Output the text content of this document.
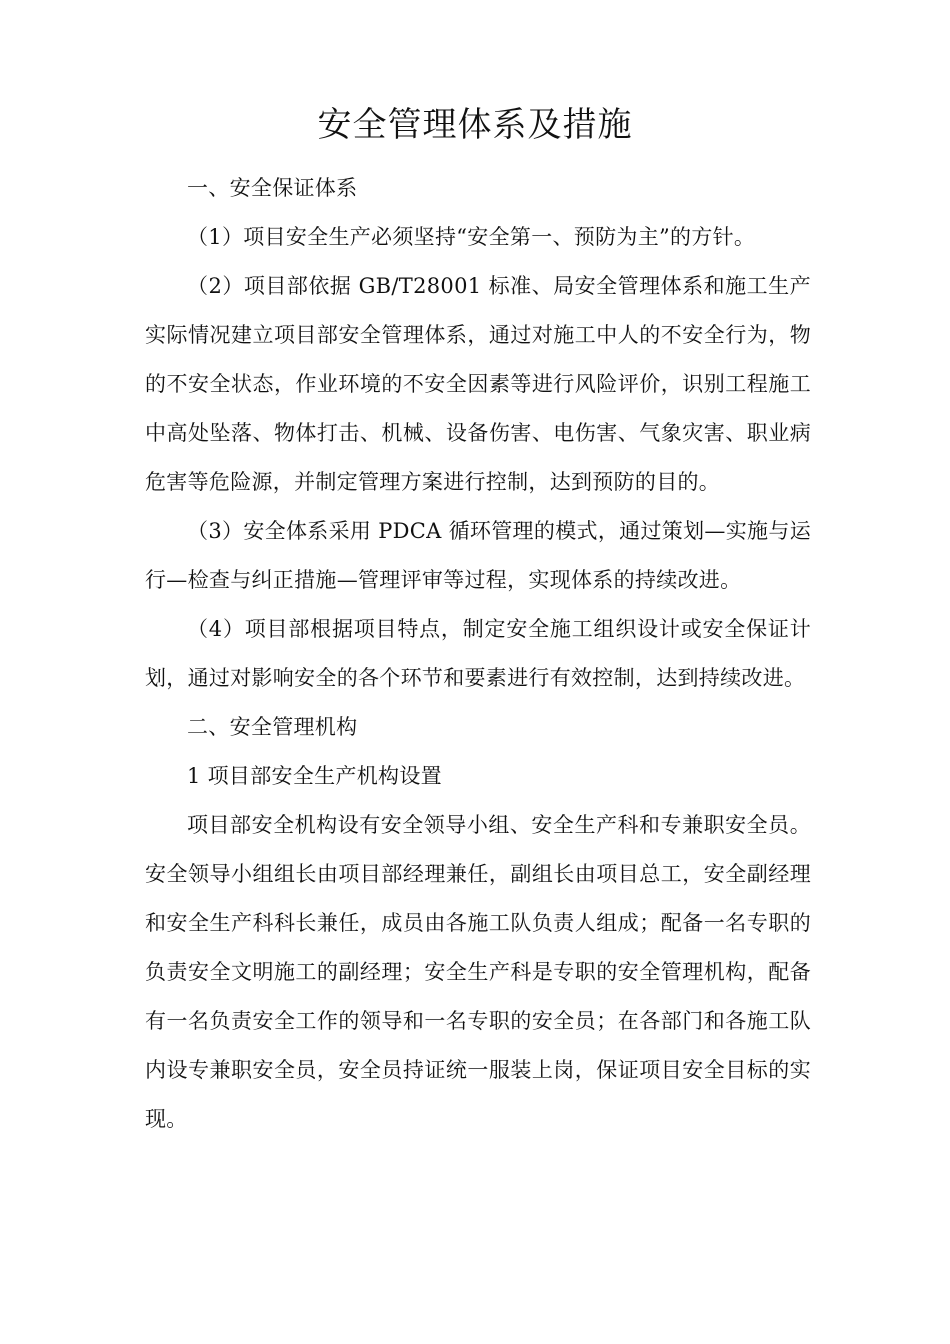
安全管理体系及措施

一、安全保证体系

（1）项目安全生产必须坚持“安全第一、预防为主”的方针。

（2）项目部依据 GB/T28001 标准、局安全管理体系和施工生产实际情况建立项目部安全管理体系，通过对施工中人的不安全行为，物的不安全状态，作业环境的不安全因素等进行风险评价，识别工程施工中高处坠落、物体打击、机械、设备伤害、电伤害、气象灾害、职业病危害等危险源，并制定管理方案进行控制，达到预防的目的。

（3）安全体系采用 PDCA 循环管理的模式，通过策划—实施与运行—检查与纠正措施—管理评审等过程，实现体系的持续改进。

（4）项目部根据项目特点，制定安全施工组织设计或安全保证计划，通过对影响安全的各个环节和要素进行有效控制，达到持续改进。

二、安全管理机构

1 项目部安全生产机构设置

项目部安全机构设有安全领导小组、安全生产科和专兼职安全员。安全领导小组组长由项目部经理兼任，副组长由项目总工，安全副经理和安全生产科科长兼任，成员由各施工队负责人组成；配备一名专职的负责安全文明施工的副经理；安全生产科是专职的安全管理机构，配备有一名负责安全工作的领导和一名专职的安全员；在各部门和各施工队内设专兼职安全员，安全员持证统一服装上岗，保证项目安全目标的实现。
